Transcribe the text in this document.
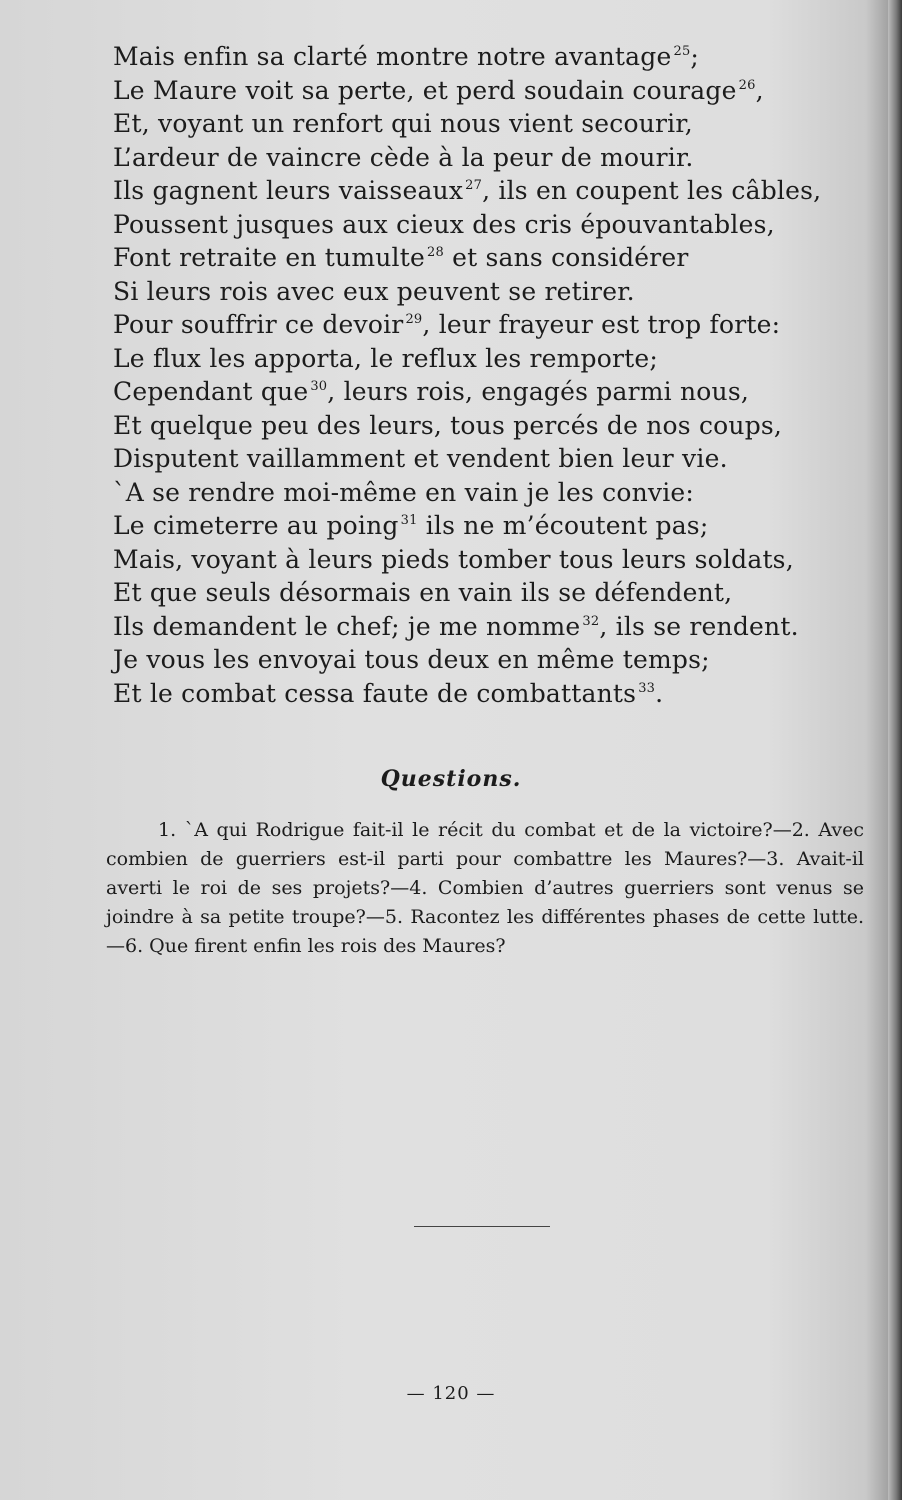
Mais enfin sa clarté montre notre avantage $^{25}$;
Le Maure voit sa perte, et perd soudain courage $^{26}$,
Et, voyant un renfort qui nous vient secourir,
L’ardeur de vaincre cède à la peur de mourir.
Ils gagnent leurs vaisseaux $^{27}$, ils en coupent les câbles,
Poussent jusques aux cieux des cris épouvantables,
Font retraite en tumulte $^{28}$ et sans considérer
Si leurs rois avec eux peuvent se retirer.
Pour souffrir ce devoir $^{29}$, leur frayeur est trop forte:
Le flux les apporta, le reflux les remporte;
Cependant que $^{30}$, leurs rois, engagés parmi nous,
Et quelque peu des leurs, tous percés de nos coups,
Disputent vaillamment et vendent bien leur vie.
`A se rendre moi-même en vain je les convie:
Le cimeterre au poing $^{31}$ ils ne m’écoutent pas;
Mais, voyant à leurs pieds tomber tous leurs soldats,
Et que seuls désormais en vain ils se défendent,
Ils demandent le chef; je me nomme $^{32}$, ils se rendent.
Je vous les envoyai tous deux en même temps;
Et le combat cessa faute de combattants $^{33}$.
Questions.
1. `A qui Rodrigue fait-il le récit du combat et de la victoire?—2. Avec combien de guerriers est-il parti pour combattre les Maures?—3. Avait-il averti le roi de ses projets?—4. Combien d’autres guerriers sont venus se joindre à sa petite troupe?—5. Racontez les différentes phases de cette lutte.—6. Que firent enfin les rois des Maures?
— 120 —
